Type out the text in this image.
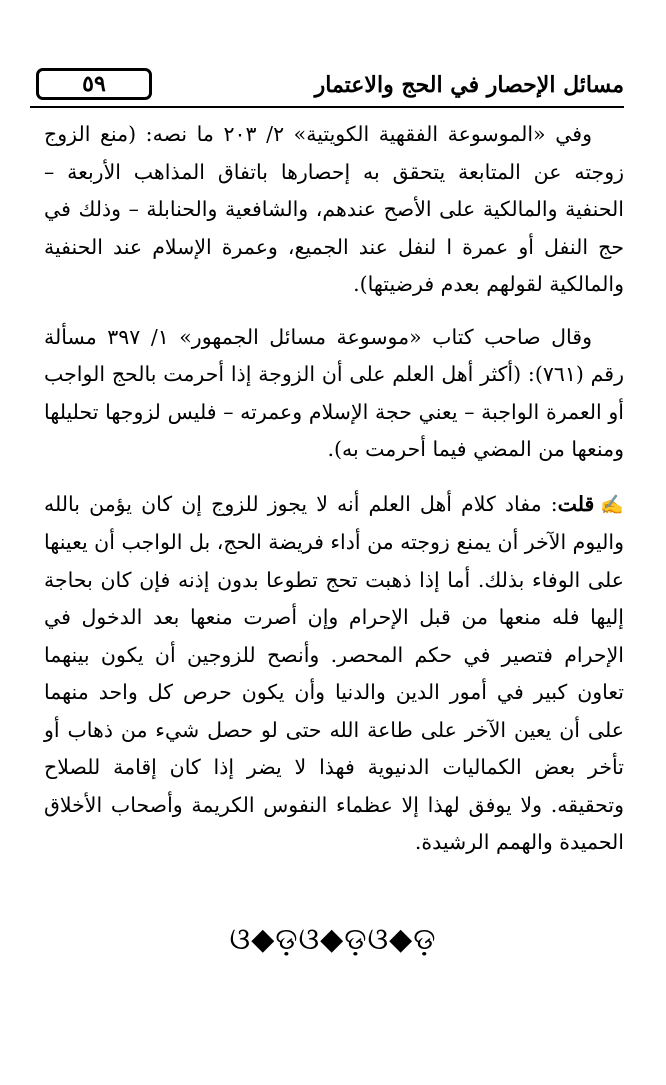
٥٩	مسائل الإحصار في الحج والاعتمار

وفي «الموسوعة الفقهية الكويتية» ٢/ ٢٠٣ ما نصه: (منع الزوج زوجته عن المتابعة يتحقق به إحصارها باتفاق المذاهب الأربعة – الحنفية والمالكية على الأصح عندهم، والشافعية والحنابلة – وذلك في حج النفل أو عمرة ا لنفل عند الجميع، وعمرة الإسلام عند الحنفية والمالكية لقولهم بعدم فرضيتها).

وقال صاحب كتاب «موسوعة مسائل الجمهور» ١/ ٣٩٧ مسألة رقم (٧٦١): (أكثر أهل العلم على أن الزوجة إذا أحرمت بالحج الواجب أو العمرة الواجبة – يعني حجة الإسلام وعمرته – فليس لزوجها تحليلها ومنعها من المضي فيما أحرمت به).

✍قلت: مفاد كلام أهل العلم أنه لا يجوز للزوج إن كان يؤمن بالله واليوم الآخر أن يمنع زوجته من أداء فريضة الحج، بل الواجب أن يعينها على الوفاء بذلك. أما إذا ذهبت تحج تطوعا بدون إذنه فإن كان بحاجة إليها فله منعها من قبل الإحرام وإن أصرت منعها بعد الدخول في الإحرام فتصير في حكم المحصر. وأنصح للزوجين أن يكون بينهما تعاون كبير في أمور الدين والدنيا وأن يكون حرص كل واحد منهما على أن يعين الآخر على طاعة الله حتى لو حصل شيء من ذهاب أو تأخر بعض الكماليات الدنيوية فهذا لا يضر إذا كان إقامة للصلاح وتحقيقه. ولا يوفق لهذا إلا عظماء النفوس الكريمة وأصحاب الأخلاق الحميدة والهمم الرشيدة.

ଓ◆ଡ଼ଓ◆ଡ଼ଓ◆ଡ଼
